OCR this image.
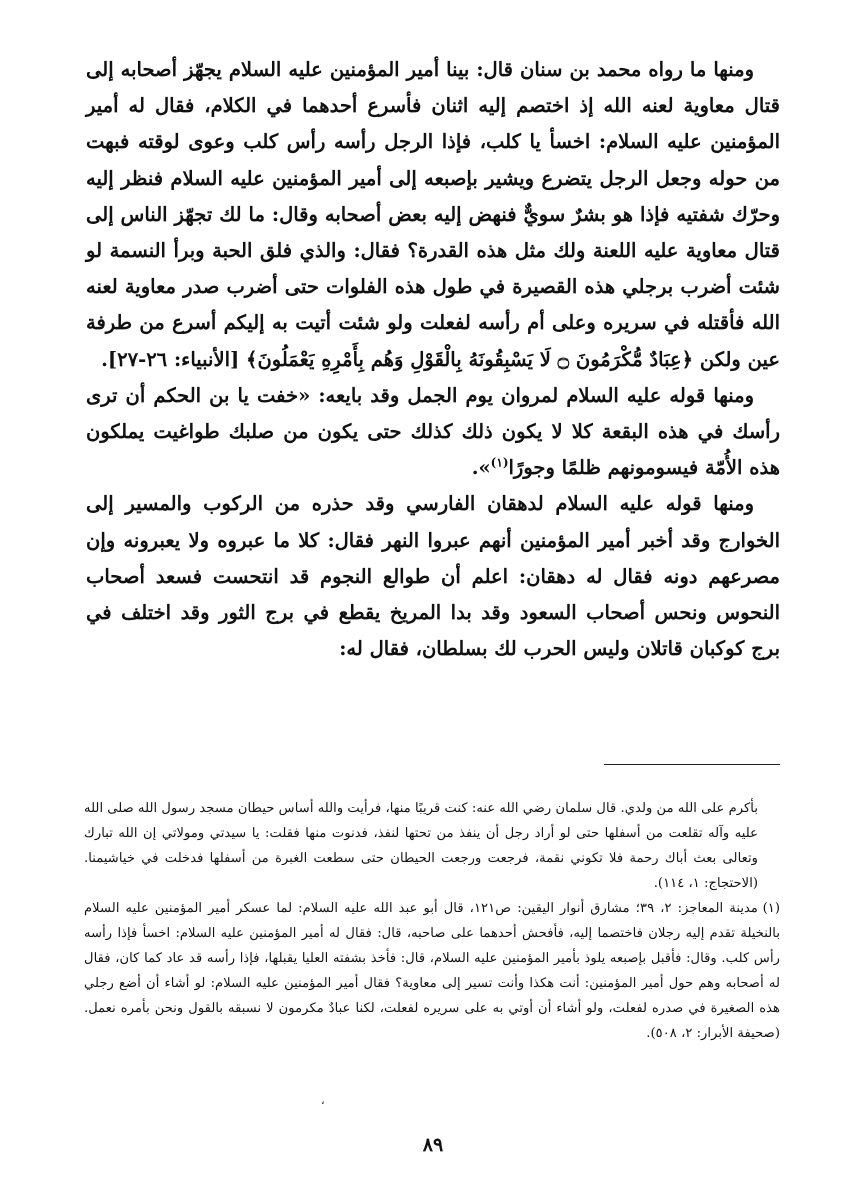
ومنها ما رواه محمد بن سنان قال: بينا أمير المؤمنين عليه السلام يجهّز أصحابه إلى قتال معاوية لعنه الله إذ اختصم إليه اثنان فأسرع أحدهما في الكلام، فقال له أمير المؤمنين عليه السلام: اخسأ يا كلب، فإذا الرجل رأسه رأس كلب وعوى لوقته فبهت من حوله وجعل الرجل يتضرع ويشير بإصبعه إلى أمير المؤمنين عليه السلام فنظر إليه وحرّك شفتيه فإذا هو بشرٌ سويٌّ فنهض إليه بعض أصحابه وقال: ما لك تجهّز الناس إلى قتال معاوية عليه اللعنة ولك مثل هذه القدرة؟ فقال: والذي فلق الحبة وبرأ النسمة لو شئت أضرب برجلي هذه القصيرة في طول هذه الفلوات حتى أضرب صدر معاوية لعنه الله فأقتله في سريره وعلى أم رأسه لفعلت ولو شئت أتيت به إليكم أسرع من طرفة عين ولكن ﴿عِبَادٌ مُّكْرَمُونَ ۝ لَا يَسْبِقُونَهُ بِالْقَوْلِ وَهُم بِأَمْرِهِ يَعْمَلُونَ﴾ [الأنبياء: ٢٦-٢٧].

ومنها قوله عليه السلام لمروان يوم الجمل وقد بايعه: «خفت يا بن الحكم أن ترى رأسك في هذه البقعة كلا لا يكون ذلك كذلك حتى يكون من صلبك طواغيت يملكون هذه الأُمّة فيسومونهم ظلمًا وجورًا$^{(١)}$».

ومنها قوله عليه السلام لدهقان الفارسي وقد حذره من الركوب والمسير إلى الخوارج وقد أخبر أمير المؤمنين أنهم عبروا النهر فقال: كلا ما عبروه ولا يعبرونه وإن مصرعهم دونه فقال له دهقان: اعلم أن طوالع النجوم قد انتحست فسعد أصحاب النحوس ونحس أصحاب السعود وقد بدا المريخ يقطع في برج الثور وقد اختلف في برج كوكبان قاتلان وليس الحرب لك بسلطان، فقال له:

بأكرم على الله من ولدي. قال سلمان رضي الله عنه: كنت قريبًا منها، فرأيت والله أساس حيطان مسجد رسول الله صلى الله عليه وآله تقلعت من أسفلها حتى لو أراد رجل أن ينفذ من تحتها لنفذ، فدنوت منها فقلت: يا سيدتي ومولاتي إن الله تبارك وتعالى بعث أباك رحمة فلا تكوني نقمة، فرجعت ورجعت الحيطان حتى سطعت الغبرة من أسفلها فدخلت في خياشيمنا. (الاحتجاج: ١، ١١٤).

(١)مدينة المعاجز: ٢، ٣٩؛ مشارق أنوار اليقين: ص١٢١، قال أبو عبد الله عليه السلام: لما عسكر أمير المؤمنين عليه السلام بالنخيلة تقدم إليه رجلان فاختصما إليه، فأفحش أحدهما على صاحبه، قال: فقال له أمير المؤمنين عليه السلام: اخسأ فإذا رأسه رأس كلب. وقال: فأقبل بإصبعه يلوذ بأمير المؤمنين عليه السلام، قال: فأخذ بشفته العليا يقبلها، فإذا رأسه قد عاد كما كان، فقال له أصحابه وهم حول أمير المؤمنين: أنت هكذا وأنت تسير إلى معاوية؟ فقال أمير المؤمنين عليه السلام: لو أشاء أن أضع رجلي هذه الصغيرة في صدره لفعلت، ولو أشاء أن أوتي به على سريره لفعلت، لكنا عبادٌ مكرمون لا نسبقه بالقول ونحن بأمره نعمل. (صحيفة الأبرار: ٢، ٥٠٨).

،
٨٩
